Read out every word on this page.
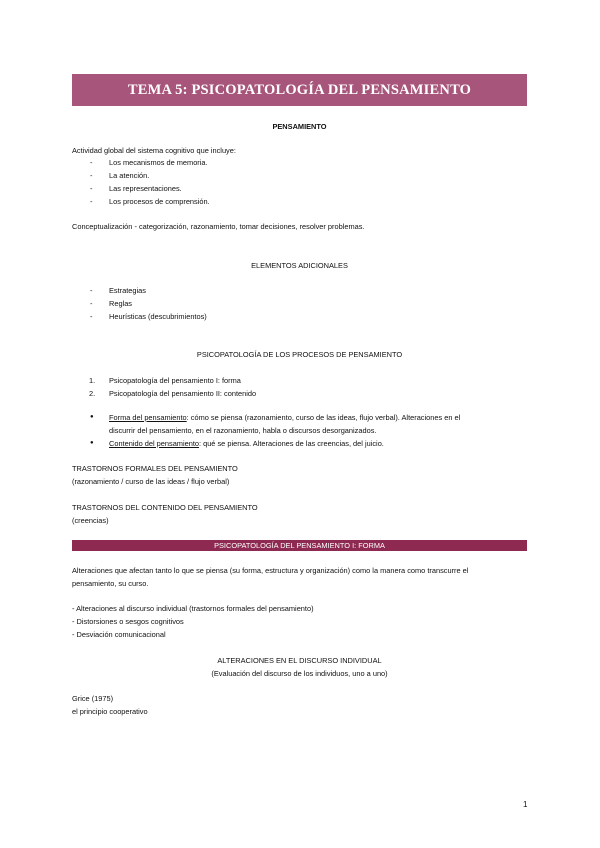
TEMA 5: PSICOPATOLOGÍA DEL PENSAMIENTO
PENSAMIENTO
Actividad global del sistema cognitivo que incluye:
- Los mecanismos de memoria.
- La atención.
- Las representaciones.
- Los procesos de comprensión.
Conceptualización - categorización, razonamiento, tomar decisiones, resolver problemas.
ELEMENTOS ADICIONALES
- Estrategias
- Reglas
- Heurísticas (descubrimientos)
PSICOPATOLOGÍA DE LOS PROCESOS DE PENSAMIENTO
1. Psicopatología del pensamiento I: forma
2. Psicopatología del pensamiento II: contenido
● Forma del pensamiento: cómo se piensa (razonamiento, curso de las ideas, flujo verbal). Alteraciones en el
discurrir del pensamiento, en el razonamiento, habla o discursos desorganizados.
● Contenido del pensamiento: qué se piensa. Alteraciones de las creencias, del juicio.
TRASTORNOS FORMALES DEL PENSAMIENTO
(razonamiento / curso de las ideas / flujo verbal)
TRASTORNOS DEL CONTENIDO DEL PENSAMIENTO
(creencias)
PSICOPATOLOGÍA DEL PENSAMIENTO I: FORMA
Alteraciones que afectan tanto lo que se piensa (su forma, estructura y organización) como la manera como transcurre el
pensamiento, su curso.
- Alteraciones al discurso individual (trastornos formales del pensamiento)
- Distorsiones o sesgos cognitivos
- Desviación comunicacional
ALTERACIONES EN EL DISCURSO INDIVIDUAL
(Evaluación del discurso de los individuos, uno a uno)
Grice (1975)
el principio cooperativo
1
